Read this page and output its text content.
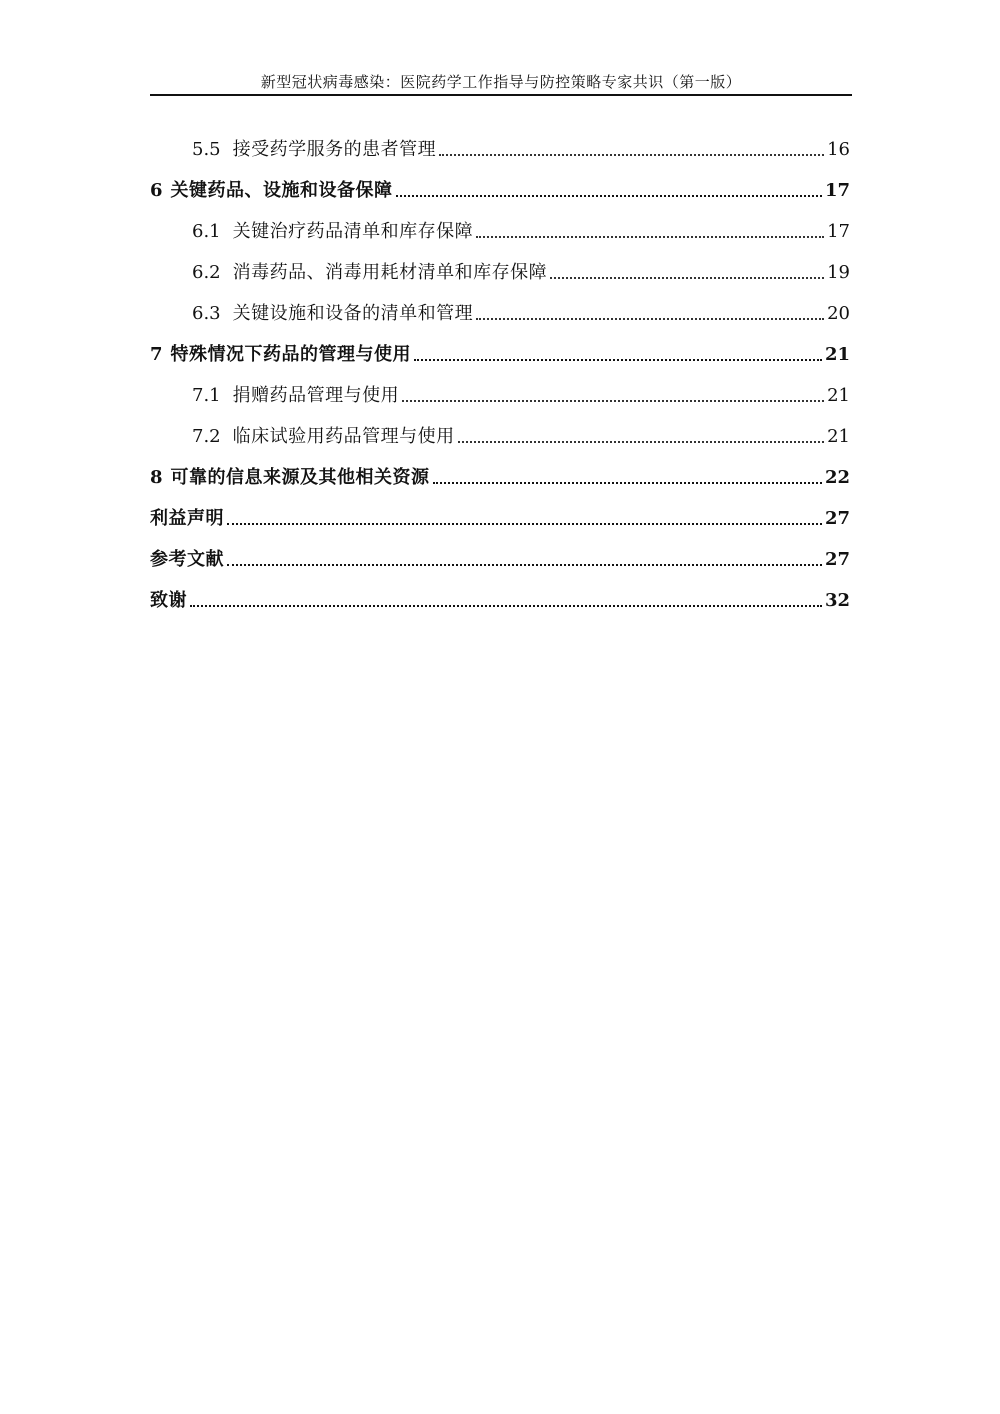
新型冠状病毒感染：医院药学工作指导与防控策略专家共识（第一版）
5.5 接受药学服务的患者管理	16
6 关键药品、设施和设备保障	17
6.1 关键治疗药品清单和库存保障	17
6.2 消毒药品、消毒用耗材清单和库存保障	19
6.3 关键设施和设备的清单和管理	20
7 特殊情况下药品的管理与使用	21
7.1 捐赠药品管理与使用	21
7.2 临床试验用药品管理与使用	21
8 可靠的信息来源及其他相关资源	22
利益声明	27
参考文献	27
致谢	32
